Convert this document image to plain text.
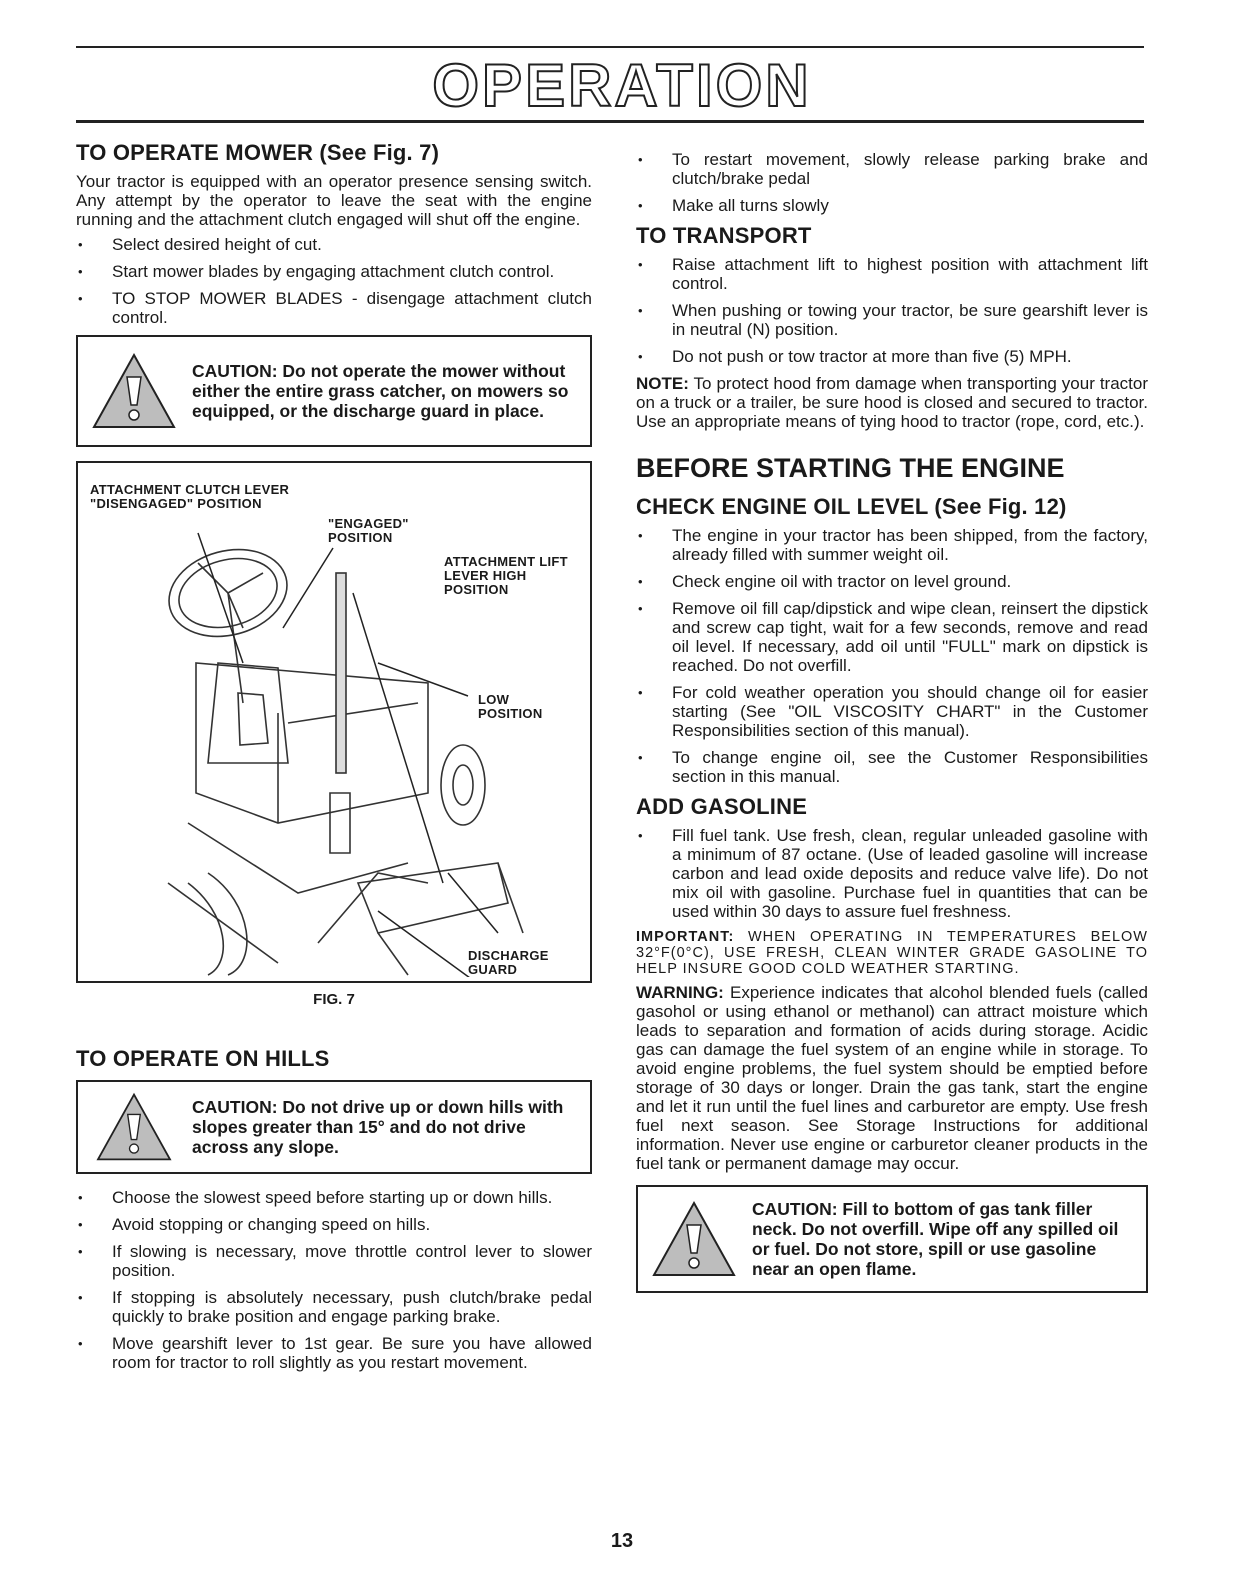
OPERATION
TO OPERATE MOWER (See Fig. 7)

Your tractor is equipped with an operator presence sensing switch. Any attempt by the operator to leave the seat with the engine running and the attachment clutch engaged will shut off the engine.

• Select desired height of cut.
• Start mower blades by engaging attachment clutch control.
• TO STOP MOWER BLADES - disengage attachment clutch control.
CAUTION: Do not operate the mower without either the entire grass catcher, on mowers so equipped, or the discharge guard in place.
ATTACHMENT CLUTCH LEVER "DISENGAGED" POSITION
"ENGAGED" POSITION
ATTACHMENT LIFT LEVER HIGH POSITION
LOW POSITION
DISCHARGE GUARD
FIG. 7
TO OPERATE ON HILLS
CAUTION: Do not drive up or down hills with slopes greater than 15° and do not drive across any slope.
• Choose the slowest speed before starting up or down hills.
• Avoid stopping or changing speed on hills.
• If slowing is necessary, move throttle control lever to slower position.
• If stopping is absolutely necessary, push clutch/brake pedal quickly to brake position and engage parking brake.
• Move gearshift lever to 1st gear. Be sure you have allowed room for tractor to roll slightly as you restart movement.
• To restart movement, slowly release parking brake and clutch/brake pedal
• Make all turns slowly
TO TRANSPORT
• Raise attachment lift to highest position with attachment lift control.
• When pushing or towing your tractor, be sure gearshift lever is in neutral (N) position.
• Do not push or tow tractor at more than five (5) MPH.

NOTE: To protect hood from damage when transporting your tractor on a truck or a trailer, be sure hood is closed and secured to tractor. Use an appropriate means of tying hood to tractor (rope, cord, etc.).

BEFORE STARTING THE ENGINE
CHECK ENGINE OIL LEVEL (See Fig. 12)
• The engine in your tractor has been shipped, from the factory, already filled with summer weight oil.
• Check engine oil with tractor on level ground.
• Remove oil fill cap/dipstick and wipe clean, reinsert the dipstick and screw cap tight, wait for a few seconds, remove and read oil level. If necessary, add oil until "FULL" mark on dipstick is reached. Do not overfill.
• For cold weather operation you should change oil for easier starting (See "OIL VISCOSITY CHART" in the Customer Responsibilities section of this manual).
• To change engine oil, see the Customer Responsibilities section in this manual.
ADD GASOLINE
• Fill fuel tank. Use fresh, clean, regular unleaded gasoline with a minimum of 87 octane. (Use of leaded gasoline will increase carbon and lead oxide deposits and reduce valve life). Do not mix oil with gasoline. Purchase fuel in quantities that can be used within 30 days to assure fuel freshness.

IMPORTANT: WHEN OPERATING IN TEMPERATURES BELOW 32°F(0°C), USE FRESH, CLEAN WINTER GRADE GASOLINE TO HELP INSURE GOOD COLD WEATHER STARTING.

WARNING: Experience indicates that alcohol blended fuels (called gasohol or using ethanol or methanol) can attract moisture which leads to separation and formation of acids during storage. Acidic gas can damage the fuel system of an engine while in storage. To avoid engine problems, the fuel system should be emptied before storage of 30 days or longer. Drain the gas tank, start the engine and let it run until the fuel lines and carburetor are empty. Use fresh fuel next season. See Storage Instructions for additional information. Never use engine or carburetor cleaner products in the fuel tank or permanent damage may occur.

CAUTION: Fill to bottom of gas tank filler neck. Do not overfill. Wipe off any spilled oil or fuel. Do not store, spill or use gasoline near an open flame.
13
